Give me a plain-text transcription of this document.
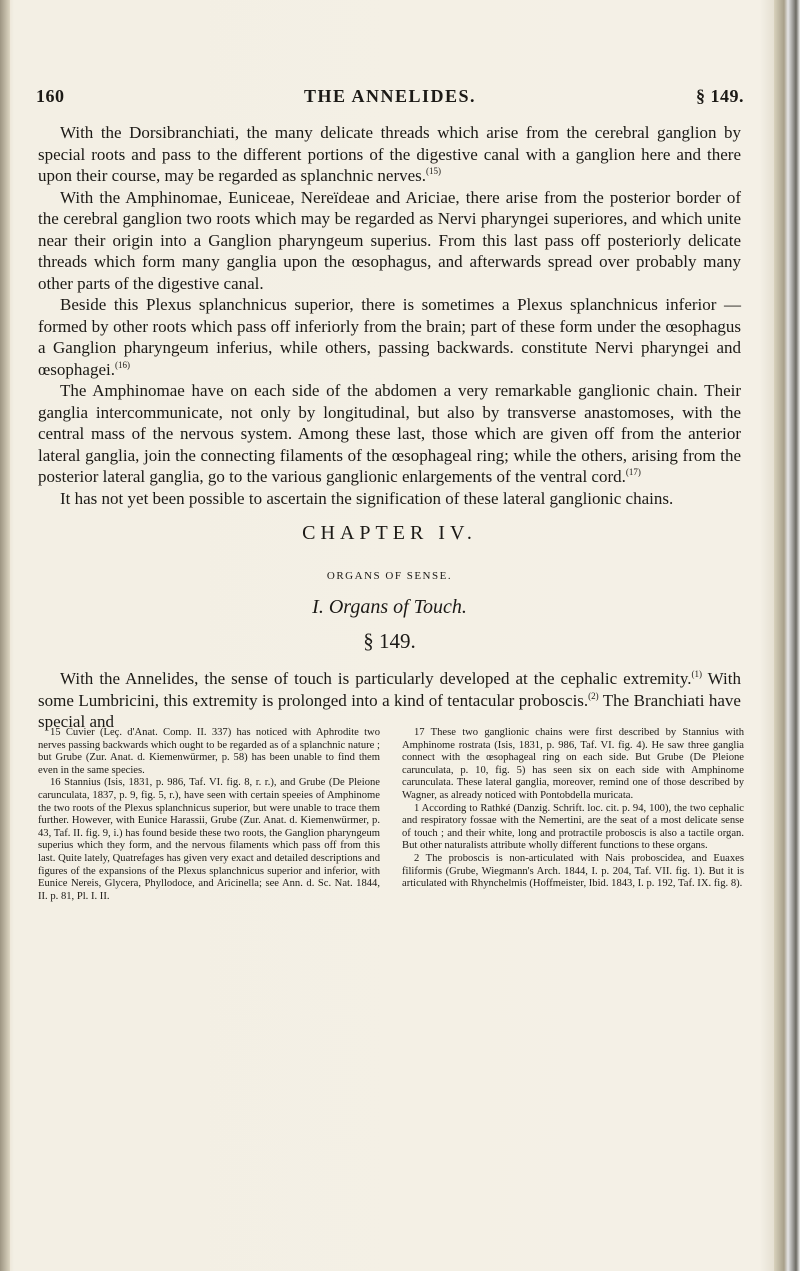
160	THE ANNELIDES.	§ 149.

With the Dorsibranchiati, the many delicate threads which arise from the cerebral ganglion by special roots and pass to the different portions of the digestive canal with a ganglion here and there upon their course, may be regarded as splanchnic nerves.$^{(15)}$

With the Amphinomae, Euniceae, Nereïdeae and Ariciae, there arise from the posterior border of the cerebral ganglion two roots which may be regarded as Nervi pharyngei superiores, and which unite near their origin into a Ganglion pharyngeum superius. From this last pass off posteriorly delicate threads which form many ganglia upon the œsophagus, and afterwards spread over probably many other parts of the digestive canal.

Beside this Plexus splanchnicus superior, there is sometimes a Plexus splanchnicus inferior — formed by other roots which pass off inferiorly from the brain; part of these form under the œsophagus a Ganglion pharyngeum inferius, while others, passing backwards. constitute Nervi pharyngei and œsophagei.$^{(16)}$

The Amphinomae have on each side of the abdomen a very remarkable ganglionic chain. Their ganglia intercommunicate, not only by longitudinal, but also by transverse anastomoses, with the central mass of the nervous system. Among these last, those which are given off from the anterior lateral ganglia, join the connecting filaments of the œsophageal ring; while the others, arising from the posterior lateral ganglia, go to the various ganglionic enlargements of the ventral cord.$^{(17)}$

It has not yet been possible to ascertain the signification of these lateral ganglionic chains.

CHAPTER IV.
ORGANS OF SENSE.
I. Organs of Touch.
§ 149.

With the Annelides, the sense of touch is particularly developed at the cephalic extremity.$^{(1)}$ With some Lumbricini, this extremity is prolonged into a kind of tentacular proboscis.$^{(2)}$ The Branchiati have special and

15 Cuvier (Leç. d'Anat. Comp. II. 337) has noticed with Aphrodite two nerves passing backwards which ought to be regarded as of a splanchnic nature ; but Grube (Zur. Anat. d. Kiemenwürmer, p. 58) has been unable to find them even in the same species.

16 Stannius (Isis, 1831, p. 986, Taf. VI. fig. 8, r. r.), and Grube (De Pleione carunculata, 1837, p. 9, fig. 5, r.), have seen with certain speeies of Amphinome the two roots of the Plexus splanchnicus superior, but were unable to trace them further. However, with Eunice Harassii, Grube (Zur. Anat. d. Kiemenwürmer, p. 43, Taf. II. fig. 9, i.) has found beside these two roots, the Ganglion pharyngeum superius which they form, and the nervous filaments which pass off from this last. Quite lately, Quatrefages has given very exact and detailed descriptions and figures of the expansions of the Plexus splanchnicus superior and inferior, with Eunice Nereis, Glycera, Phyllodoce, and Aricinella; see Ann. d. Sc. Nat. 1844, II. p. 81, Pl. I. II.

17 These two ganglionic chains were first described by Stannius with Amphinome rostrata (Isis, 1831, p. 986, Taf. VI. fig. 4). He saw three ganglia connect with the œsophageal ring on each side. But Grube (De Pleione carunculata, p. 10, fig. 5) has seen six on each side with Amphinome carunculata. These lateral ganglia, moreover, remind one of those described by Wagner, as already noticed with Pontobdella muricata.

1 According to Rathké (Danzig. Schrift. loc. cit. p. 94, 100), the two cephalic and respiratory fossae with the Nemertini, are the seat of a most delicate sense of touch ; and their white, long and protractile proboscis is also a tactile organ. But other naturalists attribute wholly different functions to these organs.

2 The proboscis is non-articulated with Nais proboscidea, and Euaxes filiformis (Grube, Wiegmann's Arch. 1844, I. p. 204, Taf. VII. fig. 1). But it is articulated with Rhynchelmis (Hoffmeister, Ibid. 1843, I. p. 192, Taf. IX. fig. 8).
